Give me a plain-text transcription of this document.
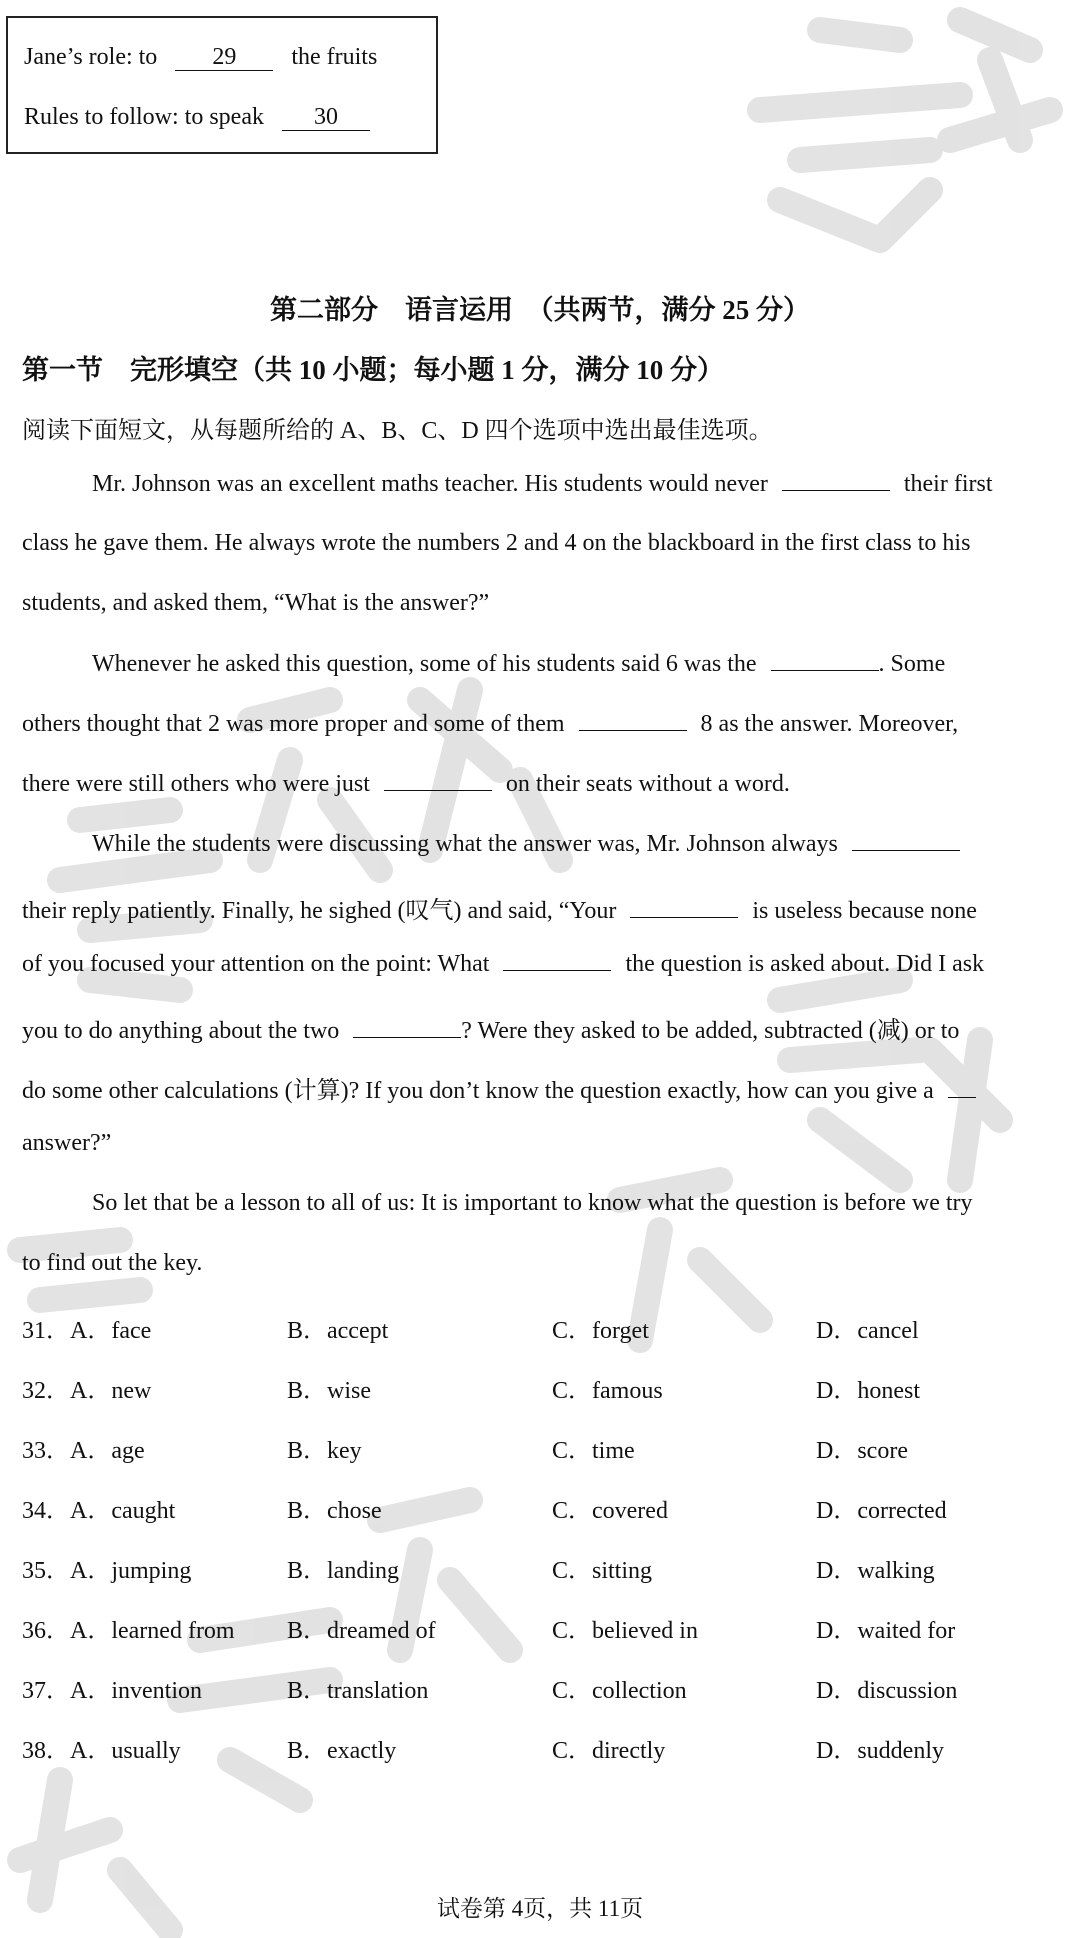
Jane’s role: to 29 the fruits
Rules to follow: to speak 30
第二部分　语言运用　（共两节，满分 25 分）
第一节　完形填空（共 10 小题；每小题 1 分，满分 10 分）
阅读下面短文，从每题所给的 A、B、C、D 四个选项中选出最佳选项。
Mr. Johnson was an excellent maths teacher. His students would never	their first
class he gave them. He always wrote the numbers 2 and 4 on the blackboard in the first class to his
students, and asked them, “What is the answer?”
Whenever he asked this question, some of his students said 6 was the	. Some
others thought that 2 was more proper and some of them	8 as the answer. Moreover,
there were still others who were just	on their seats without a word.
While the students were discussing what the answer was, Mr. Johnson always
their reply patiently. Finally, he sighed (叹气) and said, “Your	is useless because none
of you focused your attention on the point: What	the question is asked about. Did I ask
you to do anything about the two	? Were they asked to be added, subtracted (减) or to
do some other calculations (计算)? If you don’t know the question exactly, how can you give a
answer?”
So let that be a lesson to all of us: It is important to know what the question is before we try
to find out the key.
31．A．face	B．accept	C．forget	D．cancel
32．A．new	B．wise	C．famous	D．honest
33．A．age	B．key	C．time	D．score
34．A．caught	B．chose	C．covered	D．corrected
35．A．jumping	B．landing	C．sitting	D．walking
36．A．learned from B．dreamed of	C．believed in	D．waited for
37．A．invention	B．translation	C．collection	D．discussion
38．A．usually	B．exactly	C．directly	D．suddenly
试卷第 4页，共 11页
